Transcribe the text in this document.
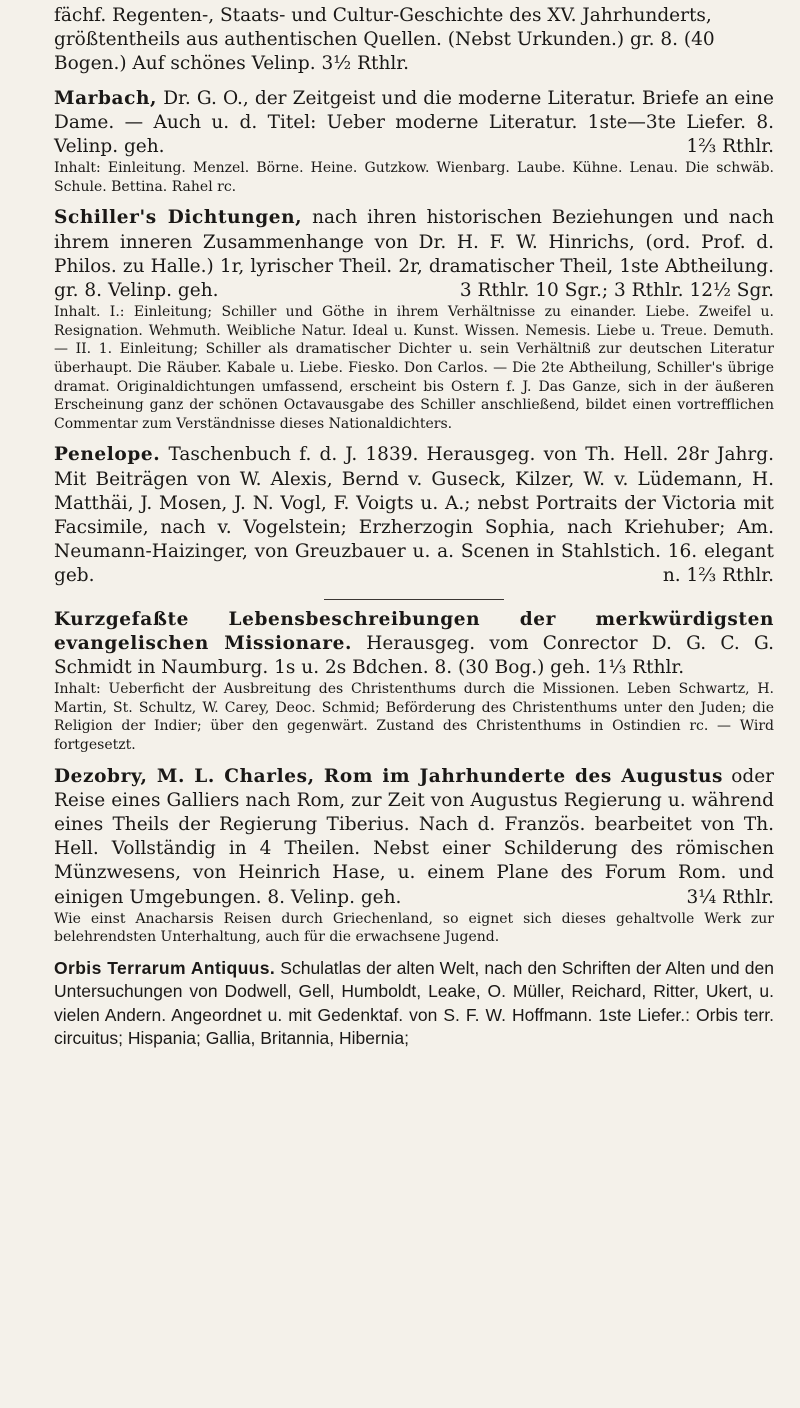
fächf. Regenten-, Staats- und Cultur-Geschichte des XV. Jahrhunderts,
größtentheils aus authentischen Quellen. (Nebst Urkunden.) gr. 8. (40
Bogen.) Auf schönes Velinp. 3½ Rthlr.

Marbach, Dr. G. O., der Zeitgeist und die moderne Literatur. Briefe an eine Dame. — Auch u. d. Titel: Ueber moderne Literatur. 1ste—3te Liefer. 8. Velinp. geh.	1⅔ Rthlr.

Inhalt: Einleitung. Menzel. Börne. Heine. Gutzkow. Wienbarg. Laube. Kühne. Lenau. Die schwäb. Schule. Bettina. Rahel rc.

Schiller's Dichtungen, nach ihren historischen Beziehungen und nach ihrem inneren Zusammenhange von Dr. H. F. W. Hinrichs, (ord. Prof. d. Philos. zu Halle.) 1r, lyrischer Theil. 2r, dramatischer Theil, 1ste Abtheilung. gr. 8. Velinp. geh.	3 Rthlr. 10 Sgr.; 3 Rthlr. 12½ Sgr.

Inhalt. I.: Einleitung; Schiller und Göthe in ihrem Verhältnisse zu einander. Liebe. Zweifel u. Resignation. Wehmuth. Weibliche Natur. Ideal u. Kunst. Wissen. Nemesis. Liebe u. Treue. Demuth. — II. 1. Einleitung; Schiller als dramatischer Dichter u. sein Verhältniß zur deutschen Literatur überhaupt. Die Räuber. Kabale u. Liebe. Fiesko. Don Carlos. — Die 2te Abtheilung, Schiller's übrige dramat. Originaldichtungen umfassend, erscheint bis Ostern f. J. Das Ganze, sich in der äußeren Erscheinung ganz der schönen Octavausgabe des Schiller anschließend, bildet einen vortrefflichen Commentar zum Verständnisse dieses Nationaldichters.

Penelope. Taschenbuch f. d. J. 1839. Herausgeg. von Th. Hell. 28r Jahrg. Mit Beiträgen von W. Alexis, Bernd v. Guseck, Kilzer, W. v. Lüdemann, H. Matthäi, J. Mosen, J. N. Vogl, F. Voigts u. A.; nebst Portraits der Victoria mit Facsimile, nach v. Vogelstein; Erzherzogin Sophia, nach Kriehuber; Am. Neumann-Haizinger, von Greuzbauer u. a. Scenen in Stahlstich. 16. elegant geb.	n. 1⅔ Rthlr.

Kurzgefaßte Lebensbeschreibungen der merkwürdigsten evangelischen Missionare. Herausgeg. vom Conrector D. G. C. G. Schmidt in Naumburg. 1s u. 2s Bdchen. 8. (30 Bog.) geh. 1⅓ Rthlr.

Inhalt: Ueberficht der Ausbreitung des Christenthums durch die Missionen. Leben Schwartz, H. Martin, St. Schultz, W. Carey, Deoc. Schmid; Beförderung des Christenthums unter den Juden; die Religion der Indier; über den gegenwärt. Zustand des Christenthums in Ostindien rc. — Wird fortgesetzt.

Dezobry, M. L. Charles, Rom im Jahrhunderte des Augustus oder Reise eines Galliers nach Rom, zur Zeit von Augustus Regierung u. während eines Theils der Regierung Tiberius. Nach d. Französ. bearbeitet von Th. Hell. Vollständig in 4 Theilen. Nebst einer Schilderung des römischen Münzwesens, von Heinrich Hase, u. einem Plane des Forum Rom. und einigen Umgebungen. 8. Velinp. geh.	3¼ Rthlr.

Wie einst Anacharsis Reisen durch Griechenland, so eignet sich dieses gehaltvolle Werk zur belehrendsten Unterhaltung, auch für die erwachsene Jugend.

Orbis Terrarum Antiquus. Schulatlas der alten Welt, nach den Schriften der Alten und den Untersuchungen von Dodwell, Gell, Humboldt, Leake, O. Müller, Reichard, Ritter, Ukert, u. vielen Andern. Angeordnet u. mit Gedenktaf. von S. F. W. Hoffmann. 1ste Liefer.: Orbis terr. circuitus; Hispania; Gallia, Britannia, Hibernia;
